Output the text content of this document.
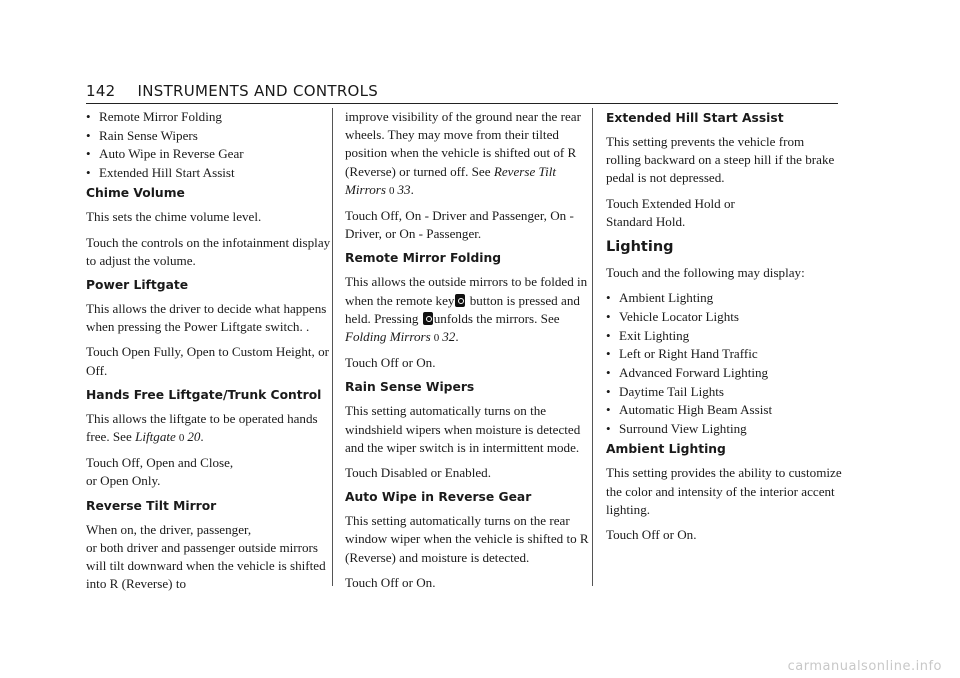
142 INSTRUMENTS AND CONTROLS
• Remote Mirror Folding
• Rain Sense Wipers
• Auto Wipe in Reverse Gear
• Extended Hill Start Assist
Chime Volume

This sets the chime volume level.

Touch the controls on the infotainment display to adjust the volume.

Power Liftgate

This allows the driver to decide what happens when pressing the Power Liftgate switch. .

Touch Open Fully, Open to Custom Height, or Off.

Hands Free Liftgate/Trunk Control

This allows the liftgate to be operated hands free. See Liftgate 0 20.

Touch Off, Open and Close,
or Open Only.

Reverse Tilt Mirror

When on, the driver, passenger,
or both driver and passenger outside mirrors will tilt downward when the vehicle is shifted into R (Reverse) to

improve visibility of the ground near the rear wheels. They may move from their tilted position when the vehicle is shifted out of R (Reverse) or turned off. See Reverse Tilt Mirrors 0 33.

Touch Off, On - Driver and Passenger, On - Driver, or On - Passenger.

Remote Mirror Folding

This allows the outside mirrors to be folded in when the remote key button is pressed and held. Pressing unfolds the mirrors. See Folding Mirrors 0 32.

Touch Off or On.

Rain Sense Wipers

This setting automatically turns on the windshield wipers when moisture is detected and the wiper switch is in intermittent mode.

Touch Disabled or Enabled.

Auto Wipe in Reverse Gear

This setting automatically turns on the rear window wiper when the vehicle is shifted to R (Reverse) and moisture is detected.

Touch Off or On.

Extended Hill Start Assist

This setting prevents the vehicle from rolling backward on a steep hill if the brake pedal is not depressed.

Touch Extended Hold or
Standard Hold.

Lighting

Touch and the following may display:

• Ambient Lighting
• Vehicle Locator Lights
• Exit Lighting
• Left or Right Hand Traffic
• Advanced Forward Lighting
• Daytime Tail Lights
• Automatic High Beam Assist
• Surround View Lighting
Ambient Lighting

This setting provides the ability to customize the color and intensity of the interior accent lighting.

Touch Off or On.

carmanualsonline.info
